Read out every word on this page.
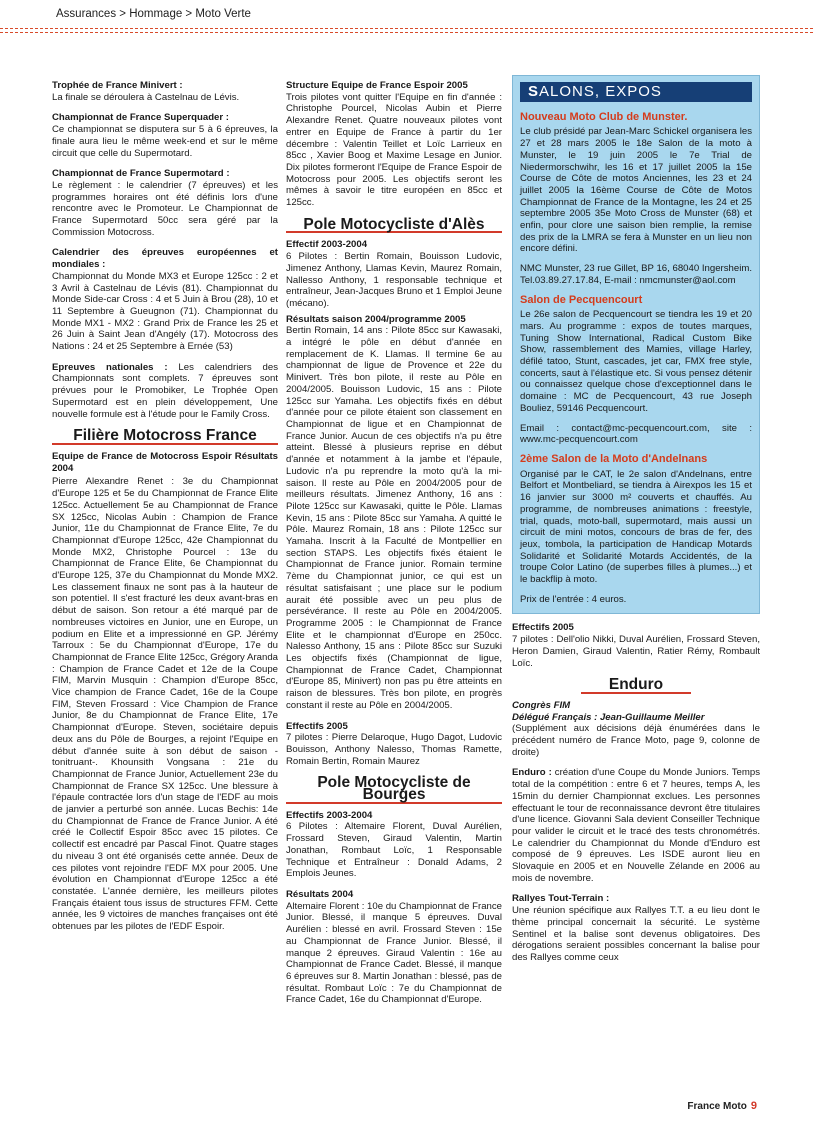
Assurances > Hommage > Moto Verte

Trophée de France Minivert :
La finale se déroulera à Castelnau de Lévis.

Championnat de France Superquader :
Ce championnat se disputera sur 5 à 6 épreuves, la finale aura lieu le même week-end et sur le même circuit que celle du Supermotard.

Championnat de France Supermotard :
Le règlement : le calendrier (7 épreuves) et les programmes horaires ont été définis lors d'une rencontre avec le Promoteur. Le Championnat de France Supermotard 50cc sera géré par la Commission Motocross.

Calendrier des épreuves européennes et mondiales :
Championnat du Monde MX3 et Europe 125cc : 2 et 3 Avril à Castelnau de Lévis (81). Championnat du Monde Side-car Cross : 4 et 5 Juin à Brou (28), 10 et 11 Septembre à Gueugnon (71). Championnat du Monde MX1 - MX2 : Grand Prix de France les 25 et 26 Juin à Saint Jean d'Angély (17). Motocross des Nations : 24 et 25 Septembre à Ernée (53)

Epreuves nationales : Les calendriers des Championnats sont complets. 7 épreuves sont prévues pour le Promobiker, Le Trophée Open Supermotard est en plein développement, Une nouvelle formule est à l'étude pour le Family Cross.

Filière Motocross France

Equipe de France de Motocross Espoir Résultats 2004

Pierre Alexandre Renet : 3e du Championnat d'Europe 125 et 5e du Championnat de France Elite 125cc. Actuellement 5e au Championnat de France SX 125cc, Nicolas Aubin : Champion de France Junior, 11e du Championnat de France Elite, 7e du Championnat d'Europe 125cc, 42e Championnat du Monde MX2, Christophe Pourcel : 13e du Championnat de France Elite, 6e Championnat du d'Europe 125, 37e du Championnat du Monde MX2. Les classement finaux ne sont pas à la hauteur de son potentiel. Il s'est fracturé les deux avant-bras en début de saison. Son retour a été marqué par de nombreuses victoires en Junior, une en Europe, un podium en Elite et a impressionné en GP. Jérémy Tarroux : 5e du Championnat d'Europe, 17e du Championnat de France Elite 125cc, Grégory Aranda : Champion de France Cadet et 12e de la Coupe FIM, Marvin Musquin : Champion d'Europe 85cc, Vice champion de France Cadet, 16e de la Coupe FIM, Steven Frossard : Vice Champion de France Junior, 8e du Championnat de France Elite, 17e Championnat d'Europe. Steven, sociétaire depuis deux ans du Pôle de Bourges, a rejoint l'Equipe en début d'année suite à son début de saison -tonitruant-. Khounsith Vongsana : 21e du Championnat de France Junior, Actuellement 23e du Championnat de France SX 125cc. Une blessure à l'épaule contractée lors d'un stage de l'EDF au mois de janvier a perturbé son année. Lucas Bechis: 14e du Championnat de France de France Junior. A été créé le Collectif Espoir 85cc avec 15 pilotes. Ce collectif est encadré par Pascal Finot. Quatre stages du niveau 3 ont été organisés cette année. Deux de ces pilotes vont rejoindre l'EDF MX pour 2005. Une évolution en Championnat d'Europe 125cc a été constatée. L'année dernière, les meilleurs pilotes Français étaient tous issus de structures FFM. Cette année, les 9 victoires de manches françaises ont été obtenues par les pilotes de l'EDF Espoir.

Structure Equipe de France Espoir 2005
Trois pilotes vont quitter l'Equipe en fin d'année : Christophe Pourcel, Nicolas Aubin et Pierre Alexandre Renet. Quatre nouveaux pilotes vont entrer en Equipe de France à partir du 1er décembre : Valentin Teillet et Loïc Larrieux en 85cc , Xavier Boog et Maxime Lesage en Junior. Dix pilotes formeront l'Equipe de France Espoir de Motocross pour 2005. Les objectifs seront les mêmes à savoir le titre européen en 85cc et 125cc.

Pole Motocycliste d'Alès

Effectif 2003-2004
6 Pilotes : Bertin Romain, Bouisson Ludovic, Jimenez Anthony, Llamas Kevin, Maurez Romain, Nallesso Anthony, 1 responsable technique et entraîneur, Jean-Jacques Bruno et 1 Emploi Jeune (mécano).

Résultats saison 2004/programme 2005
Bertin Romain, 14 ans : Pilote 85cc sur Kawasaki, a intégré le pôle en début d'année en remplacement de K. Llamas. Il termine 6e au championnat de ligue de Provence et 22e du Minivert. Très bon pilote, il reste au Pôle en 2004/2005. Bouisson Ludovic, 15 ans : Pilote 125cc sur Yamaha. Les objectifs fixés en début d'année pour ce pilote étaient son classement en Championnat de ligue et en Championnat de France Junior. Aucun de ces objectifs n'a pu être atteint. Blessé à plusieurs reprise en début d'année et notamment à la jambe et l'épaule, Ludovic n'a pu reprendre la moto qu'à la mi-saison. Il reste au Pôle en 2004/2005 pour de meilleurs résultats. Jimenez Anthony, 16 ans : Pilote 125cc sur Kawasaki, quitte le Pôle. Llamas Kevin, 15 ans : Pilote 85cc sur Yamaha. A quitté le Pôle. Maurez Romain, 18 ans : Pilote 125cc sur Yamaha. Inscrit à la Faculté de Montpellier en section STAPS. Les objectifs fixés étaient le Championnat de France junior. Romain termine 7ème du Championnat junior, ce qui est un résultat satisfaisant ; une place sur le podium aurait été possible avec un peu plus de persévérance. Il reste au Pôle en 2004/2005. Programme 2005 : le Championnat de France Elite et le championnat d'Europe en 250cc. Nalesso Anthony, 15 ans : Pilote 85cc sur Suzuki Les objectifs fixés (Championnat de ligue, Championnat de France Cadet, Championnat d'Europe 85, Minivert) non pas pu être atteints en raison de blessures. Très bon pilote, en progrès constant il reste au Pôle en 2004/2005.

Effectifs 2005
7 pilotes : Pierre Delaroque, Hugo Dagot, Ludovic Bouisson, Anthony Nalesso, Thomas Ramette, Romain Bertin, Romain Maurez

Pole Motocycliste de Bourges

Effectifs 2003-2004
6 Pilotes : Altemaire Florent, Duval Aurélien, Frossard Steven, Giraud Valentin, Martin Jonathan, Rombaut Loïc, 1 Responsable Technique et Entraîneur : Donald Adams, 2 Emplois Jeunes.

Résultats 2004
Altemaire Florent : 10e du Championnat de France Junior. Blessé, il manque 5 épreuves. Duval Aurélien : blessé en avril. Frossard Steven : 15e au Championnat de France Junior. Blessé, il manque 2 épreuves. Giraud Valentin : 16e au Championnat de France Cadet. Blessé, il manque 6 épreuves sur 8. Martin Jonathan : blessé, pas de résultat. Rombaut Loïc : 7e du Championnat de France Cadet, 16e du Championnat d'Europe.

SALONS, EXPOS
Nouveau Moto Club de Munster.

Le club présidé par Jean-Marc Schickel organisera les 27 et 28 mars 2005 le 18e Salon de la moto à Munster, le 19 juin 2005 le 7e Trial de Niedermorschwihr, les 16 et 17 juillet 2005 la 15e Course de Côte de motos Anciennes, les 23 et 24 juillet 2005 la 16ème Course de Côte de Motos Championnat de France de la Montagne, les 24 et 25 septembre 2005 35e Moto Cross de Munster (68) et enfin, pour clore une saison bien remplie, la remise des prix de la LMRA se fera à Munster en un lieu non encore défini.

NMC Munster, 23 rue Gillet, BP 16, 68040 Ingersheim. Tel.03.89.27.17.84, E-mail : nmcmunster@aol.com

Salon de Pecquencourt

Le 26e salon de Pecquencourt se tiendra les 19 et 20 mars. Au programme : expos de toutes marques, Tuning Show International, Radical Custom Bike Show, rassemblement des Mamies, village Harley, défilé tatoo, Stunt, cascades, jet car, FMX free style, concerts, saut à l'élastique etc. Si vous pensez détenir ou connaissez quelque chose d'exceptionnel dans le domaine : MC de Pecquencourt, 43 rue Joseph Bouliez, 59146 Pecquencourt.

Email : contact@mc-pecquencourt.com, site : www.mc-pecquencourt.com

2ème Salon de la Moto d'Andelnans

Organisé par le CAT, le 2e salon d'Andelnans, entre Belfort et Montbeliard, se tiendra à Airexpos les 15 et 16 janvier sur 3000 m² couverts et chauffés. Au programme, de nombreuses animations : freestyle, trial, quads, moto-ball, supermotard, mais aussi un circuit de mini motos, concours de bras de fer, des jeux, tombola, la participation de Handicap Motards Solidarité et Solidarité Motards Accidentés, de la troupe Color Latino (de superbes filles à plumes...) et le backflip à moto.

Prix de l'entrée : 4 euros.

Effectifs 2005
7 pilotes : Dell'olio Nikki, Duval Aurélien, Frossard Steven, Heron Damien, Giraud Valentin, Ratier Rémy, Rombault Loïc.

Enduro

Congrès FIM
Délégué Français : Jean-Guillaume Meiller
(Supplément aux décisions déjà énumérées dans le précédent numéro de France Moto, page 9, colonne de droite)

Enduro : création d'une Coupe du Monde Juniors. Temps total de la compétition : entre 6 et 7 heures, temps A, les 15min du dernier Championnat exclues. Les personnes effectuant le tour de reconnaissance devront être titulaires d'une licence. Giovanni Sala devient Conseiller Technique pour valider le circuit et le tracé des tests chronométrés. Le calendrier du Championnat du Monde d'Enduro est composé de 9 épreuves. Les ISDE auront lieu en Slovaquie en 2005 et en Nouvelle Zélande en 2006 au mois de novembre.

Rallyes Tout-Terrain :
Une réunion spécifique aux Rallyes T.T. a eu lieu dont le thème principal concernait la sécurité. Le système Sentinel et la balise sont devenus obligatoires. Des dérogations seraient possibles concernant la balise pour des Rallyes comme ceux

France Moto 9
